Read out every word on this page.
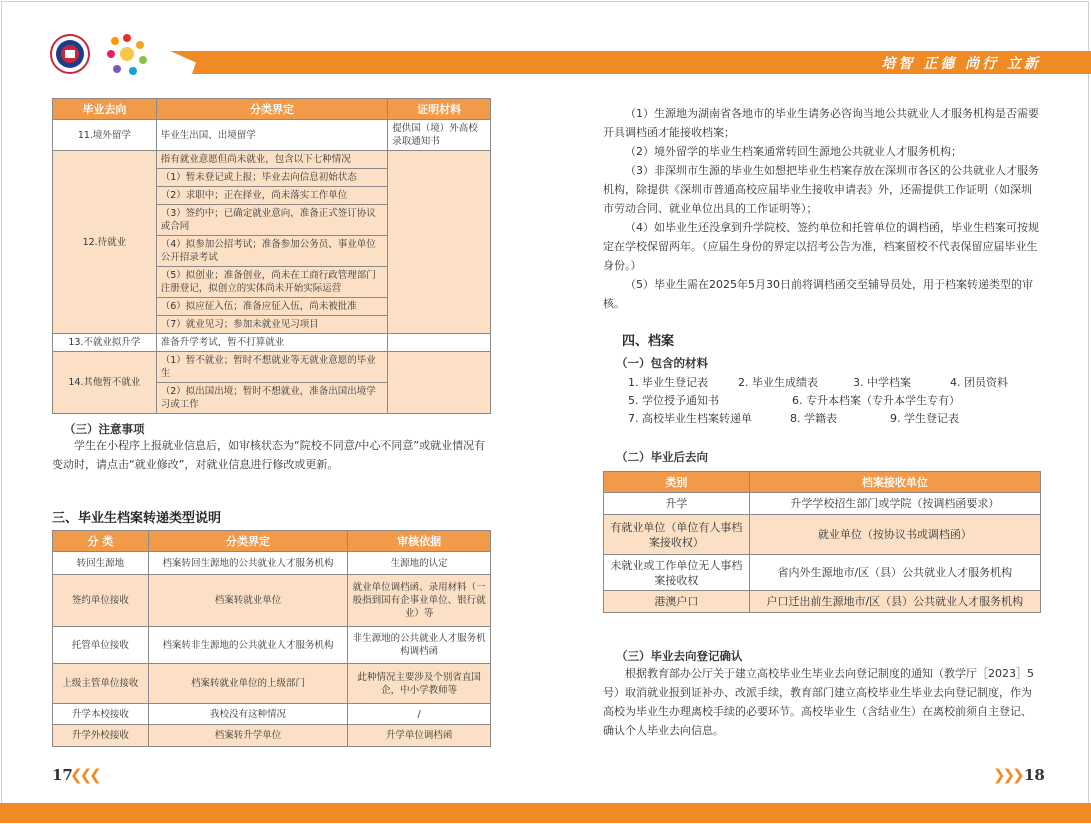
培智 正德 尚行 立新
毕业去向	分类界定	证明材料
11.境外留学	毕业生出国、出境留学	提供国（境）外高校录取通知书
12.待就业	指有就业意愿但尚未就业，包含以下七种情况	
	（1）暂未登记或上报；毕业去向信息初始状态	
	（2）求职中；正在择业，尚未落实工作单位	
	（3）签约中；已确定就业意向，准备正式签订协议或合同	
	（4）拟参加公招考试；准备参加公务员、事业单位公开招录考试	
	（5）拟创业；准备创业，尚未在工商行政管理部门注册登记，拟创立的实体尚未开始实际运营	
	（6）拟应征入伍；准备应征入伍，尚未被批准	
	（7）就业见习；参加未就业见习项目	
13.不就业拟升学	准备升学考试，暂不打算就业	
14.其他暂不就业	（1）暂不就业；暂时不想就业等无就业意愿的毕业生	
	（2）拟出国出境；暂时不想就业，准备出国出境学习或工作	
（三）注意事项
学生在小程序上报就业信息后，如审核状态为“院校不同意/中心不同意”或就业情况有变动时，请点击“就业修改”，对就业信息进行修改或更新。
三、毕业生档案转递类型说明
分 类	分类界定	审核依据
转回生源地	档案转回生源地的公共就业人才服务机构	生源地的认定
签约单位接收	档案转就业单位	就业单位调档函、录用材料（一般指到国有企事业单位、银行就业）等
托管单位接收	档案转非生源地的公共就业人才服务机构	非生源地的公共就业人才服务机构调档函
上级主管单位接收	档案转就业单位的上级部门	此种情况主要涉及个别省直国企，中小学教师等
升学本校接收	我校没有这种情况	/
升学外校接收	档案转升学单位	升学单位调档函

（1）生源地为湖南省各地市的毕业生请务必咨询当地公共就业人才服务机构是否需要开具调档函才能接收档案；

（2）境外留学的毕业生档案通常转回生源地公共就业人才服务机构；

（3）非深圳市生源的毕业生如想把毕业生档案存放在深圳市各区的公共就业人才服务机构，除提供《深圳市普通高校应届毕业生接收申请表》外，还需提供工作证明（如深圳市劳动合同、就业单位出具的工作证明等）；

（4）如毕业生还没拿到升学院校、签约单位和托管单位的调档函，毕业生档案可按规定在学校保留两年。（应届生身份的界定以招考公告为准，档案留校不代表保留应届毕业生身份。）

（5）毕业生需在2025年5月30日前将调档函交至辅导员处，用于档案转递类型的审核。

四、档案
（一）包含的材料
1. 毕业生登记表	2. 毕业生成绩表	3. 中学档案	4. 团员资料
5. 学位授予通知书	6. 专升本档案（专升本学生专有）
7. 高校毕业生档案转递单	8. 学籍表	9. 学生登记表
（二）毕业后去向
类别	档案接收单位
升学	升学学校招生部门或学院（按调档函要求）
有就业单位（单位有人事档案接收权）	就业单位（按协议书或调档函）
未就业或工作单位无人事档案接收权	省内外生源地市/区（县）公共就业人才服务机构
港澳户口	户口迁出前生源地市/区（县）公共就业人才服务机构
（三）毕业去向登记确认
根据教育部办公厅关于建立高校毕业生毕业去向登记制度的通知（教学厅［2023］5号）取消就业报到证补办、改派手续，教育部门建立高校毕业生毕业去向登记制度，作为高校为毕业生办理离校手续的必要环节。高校毕业生（含结业生）在离校前须自主登记、确认个人毕业去向信息。
17
❮❮❮	❯❯❯ 18
